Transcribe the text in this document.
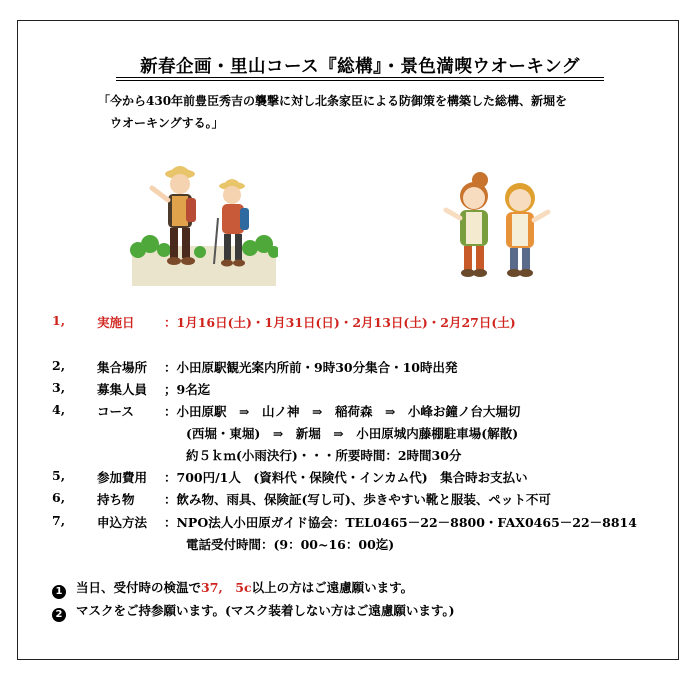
新春企画・里山コース『総構』・景色満喫ウオーキング
「今から430年前豊臣秀吉の襲撃に対し北条家臣による防御策を構築した総構、新堀を
ウオーキングする。」
1,	実施日 ：1月16日(土)・1月31日(日)・2月13日(土)・2月27日(土)
2,	集合場所 ：小田原駅観光案内所前・9時30分集合・10時出発
3,	募集人員 ；9名迄
4,	コース ：小田原駅　⇒　山ノ神　⇒　稲荷森　⇒　小峰お鐘ノ台大堀切
(西堀・東堀)　⇒　新堀　⇒　小田原城内藤棚駐車場(解散)
約５ｋｍ(小雨決行)・・・所要時間：2時間30分
5,	参加費用 ：700円/1人　(資料代・保険代・インカム代)　集合時お支払い
6,	持ち物 ：飲み物、雨具、保険証(写し可)、歩きやすい靴と服装、ペット不可
7,	申込方法 ：NPO法人小田原ガイド協会：TEL0465－22－8800・FAX0465－22－8814
電話受付時間：(9：00~16：00迄)
1 当日、受付時の検温で37,　5c以上の方はご遠慮願います。
2 マスクをご持参願います。(マスク装着しない方はご遠慮願います。)
